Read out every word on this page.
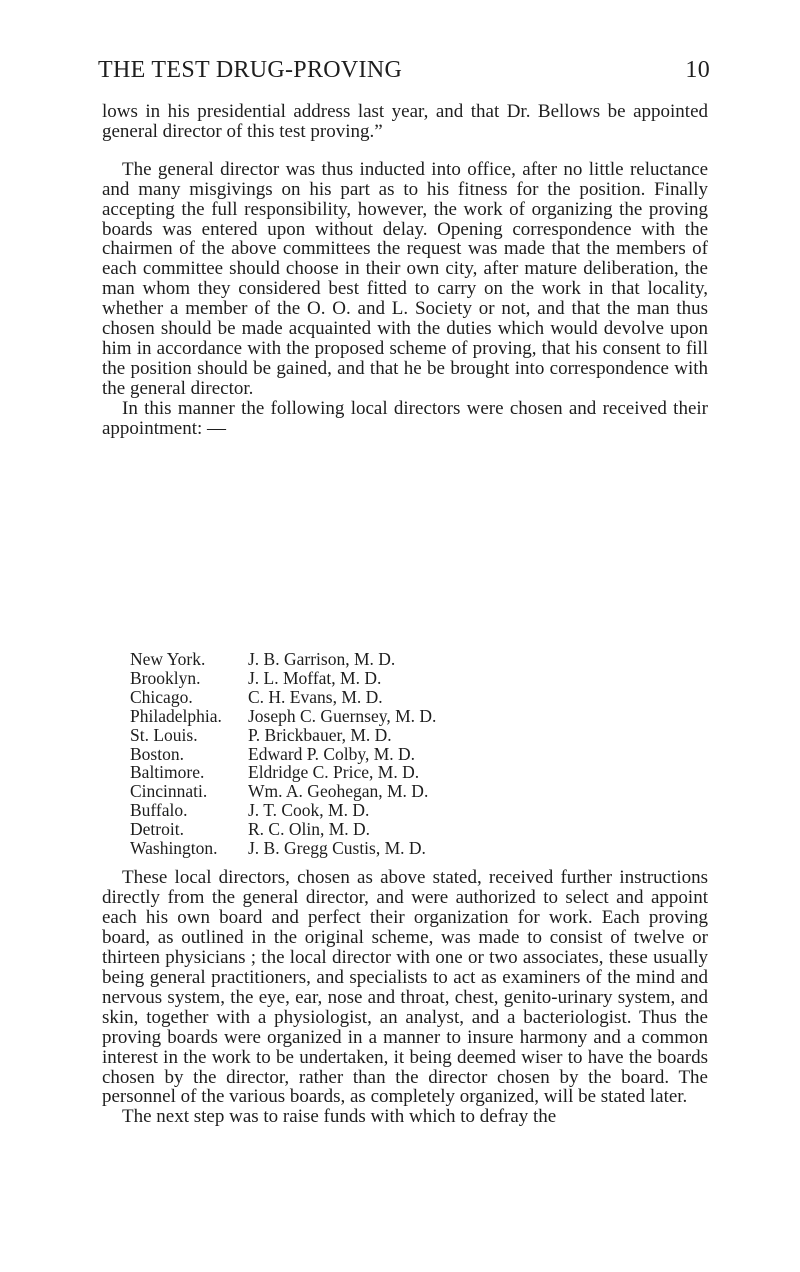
THE TEST DRUG-PROVING	10

lows in his presidential address last year, and that Dr. Bellows be appointed general director of this test proving.”

The general director was thus inducted into office, after no little reluctance and many misgivings on his part as to his fitness for the position. Finally accepting the full responsibility, however, the work of organizing the proving boards was entered upon without delay. Opening correspondence with the chairmen of the above committees the request was made that the members of each committee should choose in their own city, after mature deliberation, the man whom they considered best fitted to carry on the work in that locality, whether a member of the O. O. and L. Society or not, and that the man thus chosen should be made acquainted with the duties which would devolve upon him in accordance with the proposed scheme of proving, that his consent to fill the position should be gained, and that he be brought into correspondence with the general director.

In this manner the following local directors were chosen and received their appointment: —

New York.	J. B. Garrison, M. D.
Brooklyn.	J. L. Moffat, M. D.
Chicago.	C. H. Evans, M. D.
Philadelphia.	Joseph C. Guernsey, M. D.
St. Louis.	P. Brickbauer, M. D.
Boston.	Edward P. Colby, M. D.
Baltimore.	Eldridge C. Price, M. D.
Cincinnati.	Wm. A. Geohegan, M. D.
Buffalo.	J. T. Cook, M. D.
Detroit.	R. C. Olin, M. D.
Washington.	J. B. Gregg Custis, M. D.

These local directors, chosen as above stated, received further instructions directly from the general director, and were authorized to select and appoint each his own board and perfect their organization for work. Each proving board, as outlined in the original scheme, was made to consist of twelve or thirteen physicians ; the local director with one or two associates, these usually being general practitioners, and specialists to act as examiners of the mind and nervous system, the eye, ear, nose and throat, chest, genito-urinary system, and skin, together with a physiologist, an analyst, and a bacteriologist. Thus the proving boards were organized in a manner to insure harmony and a common interest in the work to be undertaken, it being deemed wiser to have the boards chosen by the director, rather than the director chosen by the board. The personnel of the various boards, as completely organized, will be stated later.

The next step was to raise funds with which to defray the
